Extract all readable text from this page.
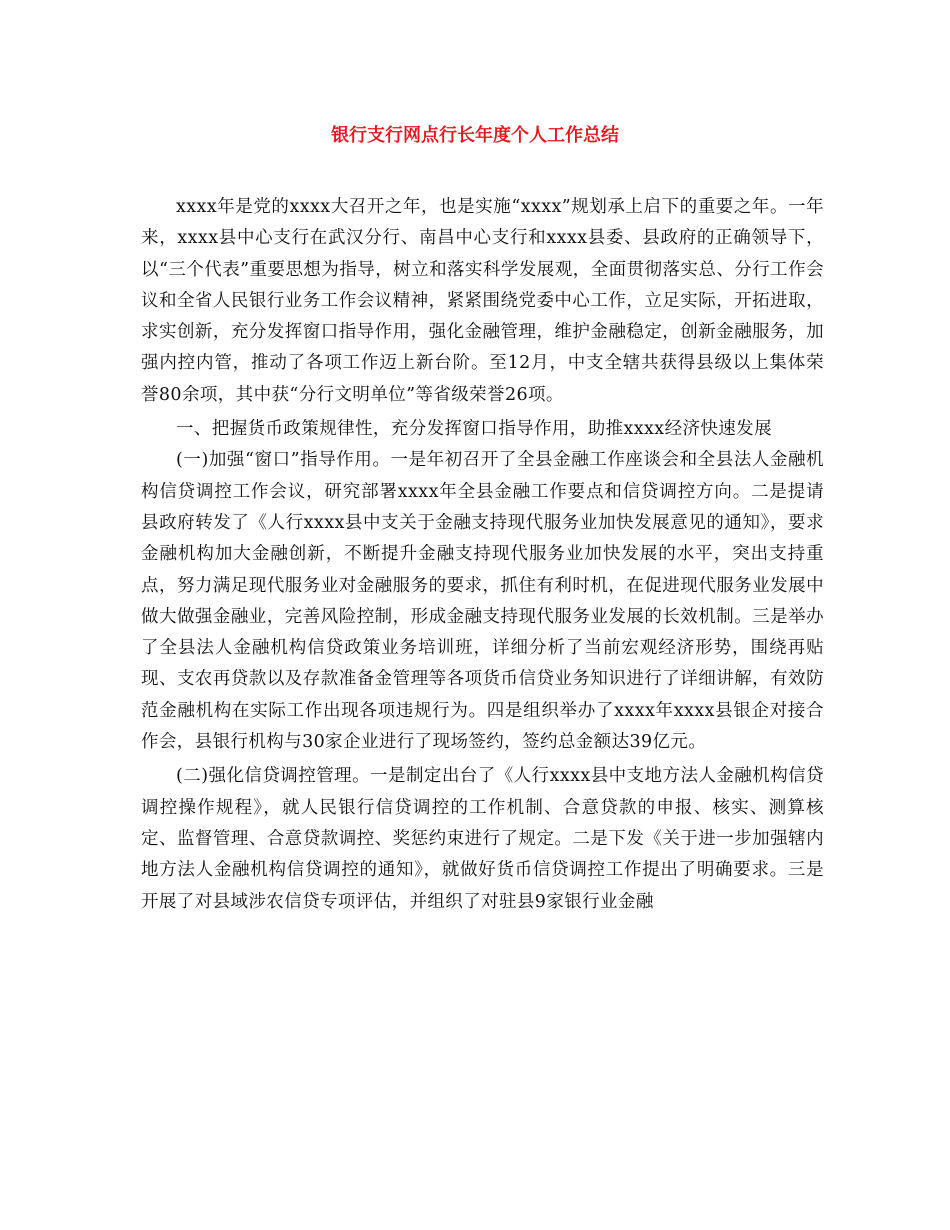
银行支行网点行长年度个人工作总结

xxxx年是党的xxxx大召开之年，也是实施“xxxx”规划承上启下的重要之年。一年来，xxxx县中心支行在武汉分行、南昌中心支行和xxxx县委、县政府的正确领导下，以“三个代表”重要思想为指导，树立和落实科学发展观，全面贯彻落实总、分行工作会议和全省人民银行业务工作会议精神，紧紧围绕党委中心工作，立足实际，开拓进取，求实创新，充分发挥窗口指导作用，强化金融管理，维护金融稳定，创新金融服务，加强内控内管，推动了各项工作迈上新台阶。至12月，中支全辖共获得县级以上集体荣誉80余项，其中获“分行文明单位”等省级荣誉26项。

一、把握货币政策规律性，充分发挥窗口指导作用，助推xxxx经济快速发展

(一)加强“窗口”指导作用。一是年初召开了全县金融工作座谈会和全县法人金融机构信贷调控工作会议，研究部署xxxx年全县金融工作要点和信贷调控方向。二是提请县政府转发了《人行xxxx县中支关于金融支持现代服务业加快发展意见的通知》，要求金融机构加大金融创新，不断提升金融支持现代服务业加快发展的水平，突出支持重点，努力满足现代服务业对金融服务的要求，抓住有利时机，在促进现代服务业发展中做大做强金融业，完善风险控制，形成金融支持现代服务业发展的长效机制。三是举办了全县法人金融机构信贷政策业务培训班，详细分析了当前宏观经济形势，围绕再贴现、支农再贷款以及存款准备金管理等各项货币信贷业务知识进行了详细讲解，有效防范金融机构在实际工作出现各项违规行为。四是组织举办了xxxx年xxxx县银企对接合作会，县银行机构与30家企业进行了现场签约，签约总金额达39亿元。

(二)强化信贷调控管理。一是制定出台了《人行xxxx县中支地方法人金融机构信贷调控操作规程》，就人民银行信贷调控的工作机制、合意贷款的申报、核实、测算核定、监督管理、合意贷款调控、奖惩约束进行了规定。二是下发《关于进一步加强辖内地方法人金融机构信贷调控的通知》，就做好货币信贷调控工作提出了明确要求。三是开展了对县域涉农信贷专项评估，并组织了对驻县9家银行业金融
